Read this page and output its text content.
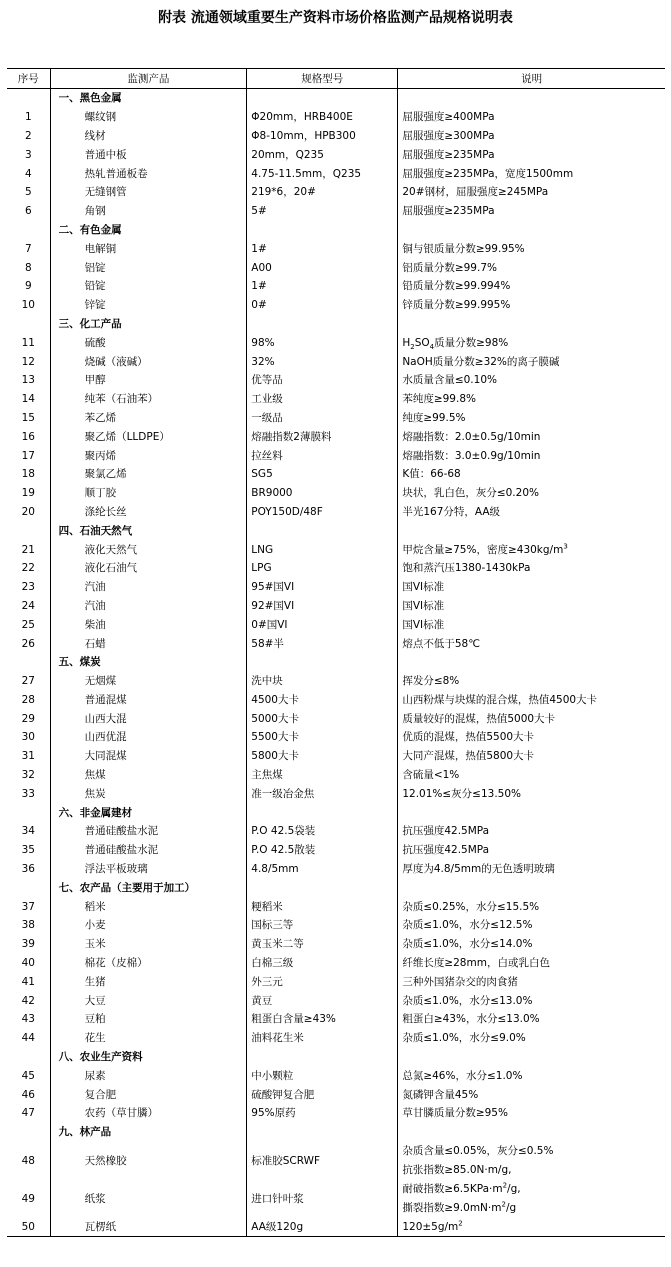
附表 流通领域重要生产资料市场价格监测产品规格说明表
序号	监测产品	规格型号	说明
	一、黑色金属		
1	螺纹钢	Φ20mm，HRB400E	屈服强度≥400MPa

2	线材	Φ8-10mm，HPB300	屈服强度≥300MPa

3	普通中板	20mm，Q235	屈服强度≥235MPa

4	热轧普通板卷	4.75-11.5mm，Q235	屈服强度≥235MPa，宽度1500mm

5	无缝钢管	219*6，20#	20#钢材，屈服强度≥245MPa

6	角钢	5#	屈服强度≥235MPa

	二、有色金属		
7	电解铜	1#	铜与银质量分数≥99.95%

8	铝锭	A00	铝质量分数≥99.7%

9	铅锭	1#	铅质量分数≥99.994%

10	锌锭	0#	锌质量分数≥99.995%

	三、化工产品		
11	硫酸	98%	$H_2SO_4$质量分数≥98%

12	烧碱（液碱）	32%	NaOH质量分数≥32%的离子膜碱

13	甲醇	优等品	水质量含量≤0.10%

14	纯苯（石油苯）	工业级	苯纯度≥99.8%

15	苯乙烯	一级品	纯度≥99.5%

16	聚乙烯（LLDPE）	熔融指数2薄膜料	熔融指数：2.0±0.5g/10min

17	聚丙烯	拉丝料	熔融指数：3.0±0.9g/10min

18	聚氯乙烯	SG5	K值：66-68

19	顺丁胶	BR9000	块状，乳白色，灰分≤0.20%

20	涤纶长丝	POY150D/48F	半光167分特，AA级

	四、石油天然气		
21	液化天然气	LNG	甲烷含量≥75%，密度$\ge 430kg/m^3$

22	液化石油气	LPG	饱和蒸汽压1380-1430kPa

23	汽油	95#国VI	国VI标准

24	汽油	92#国VI	国VI标准

25	柴油	0#国VI	国VI标准

26	石蜡	58#半	熔点不低于58℃

	五、煤炭		
27	无烟煤	洗中块	挥发分≤8%

28	普通混煤	4500大卡	山西粉煤与块煤的混合煤，热值4500大卡

29	山西大混	5000大卡	质量较好的混煤，热值5000大卡

30	山西优混	5500大卡	优质的混煤，热值5500大卡

31	大同混煤	5800大卡	大同产混煤，热值5800大卡

32	焦煤	主焦煤	含硫量<1%

33	焦炭	准一级冶金焦	12.01%≤灰分≤13.50%

	六、非金属建材		
34	普通硅酸盐水泥	P.O 42.5袋装	抗压强度42.5MPa

35	普通硅酸盐水泥	P.O 42.5散装	抗压强度42.5MPa

36	浮法平板玻璃	4.8/5mm	厚度为4.8/5mm的无色透明玻璃

	七、农产品（主要用于加工）		
37	稻米	粳稻米	杂质≤0.25%，水分≤15.5%

38	小麦	国标三等	杂质≤1.0%，水分≤12.5%

39	玉米	黄玉米二等	杂质≤1.0%，水分≤14.0%

40	棉花（皮棉）	白棉三级	纤维长度≥28mm，白或乳白色

41	生猪	外三元	三种外国猪杂交的肉食猪

42	大豆	黄豆	杂质≤1.0%，水分≤13.0%

43	豆粕	粗蛋白含量≥43%	粗蛋白≥43%，水分≤13.0%

44	花生	油料花生米	杂质≤1.0%，水分≤9.0%

	八、农业生产资料		
45	尿素	中小颗粒	总氮≥46%，水分≤1.0%

46	复合肥	硫酸钾复合肥	氮磷钾含量45%

47	农药（草甘膦）	95%原药	草甘膦质量分数≥95%

	九、林产品		
48	天然橡胶	标准胶SCRWF	杂质含量≤0.05%，灰分≤0.5%
抗张指数≥85.0N·m/g,

49	纸浆	进口针叶浆	耐破指数$\ge 6.5KPa\cdot m^2/g$,
撕裂指数$\ge 9.0mN\cdot m^2/g$

50	瓦楞纸	AA级120g	$120\pm 5g/m^2$
